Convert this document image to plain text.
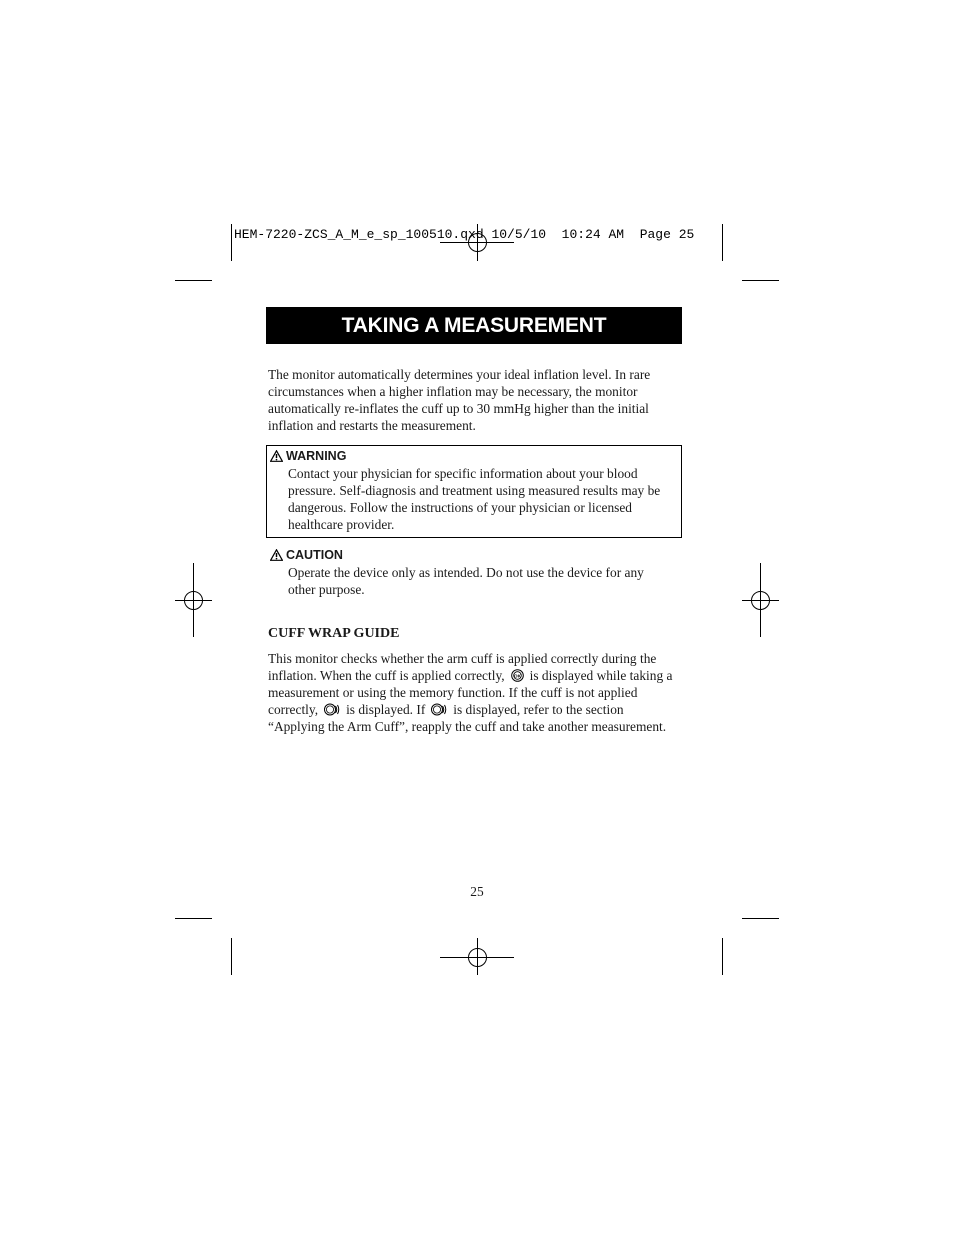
HEM-7220-ZCS_A_M_e_sp_100510.qxd 10/5/10  10:24 AM Page 25
TAKING A MEASUREMENT
The monitor automatically determines your ideal inflation level. In rare circumstances when a higher inflation may be necessary, the monitor automatically re-inflates the cuff up to 30 mmHg higher than the initial inflation and restarts the measurement.
WARNING
Contact your physician for specific information about your blood pressure. Self-diagnosis and treatment using measured results may be dangerous. Follow the instructions of your physician or licensed healthcare provider.
CAUTION
Operate the device only as intended. Do not use the device for any other purpose.
CUFF WRAP GUIDE
This monitor checks whether the arm cuff is applied correctly during the inflation. When the cuff is applied correctly, OK is displayed while taking a measurement or using the memory function. If the cuff is not applied correctly, is displayed. If is displayed, refer to the section “Applying the Arm Cuff”, reapply the cuff and take another measurement.
25
